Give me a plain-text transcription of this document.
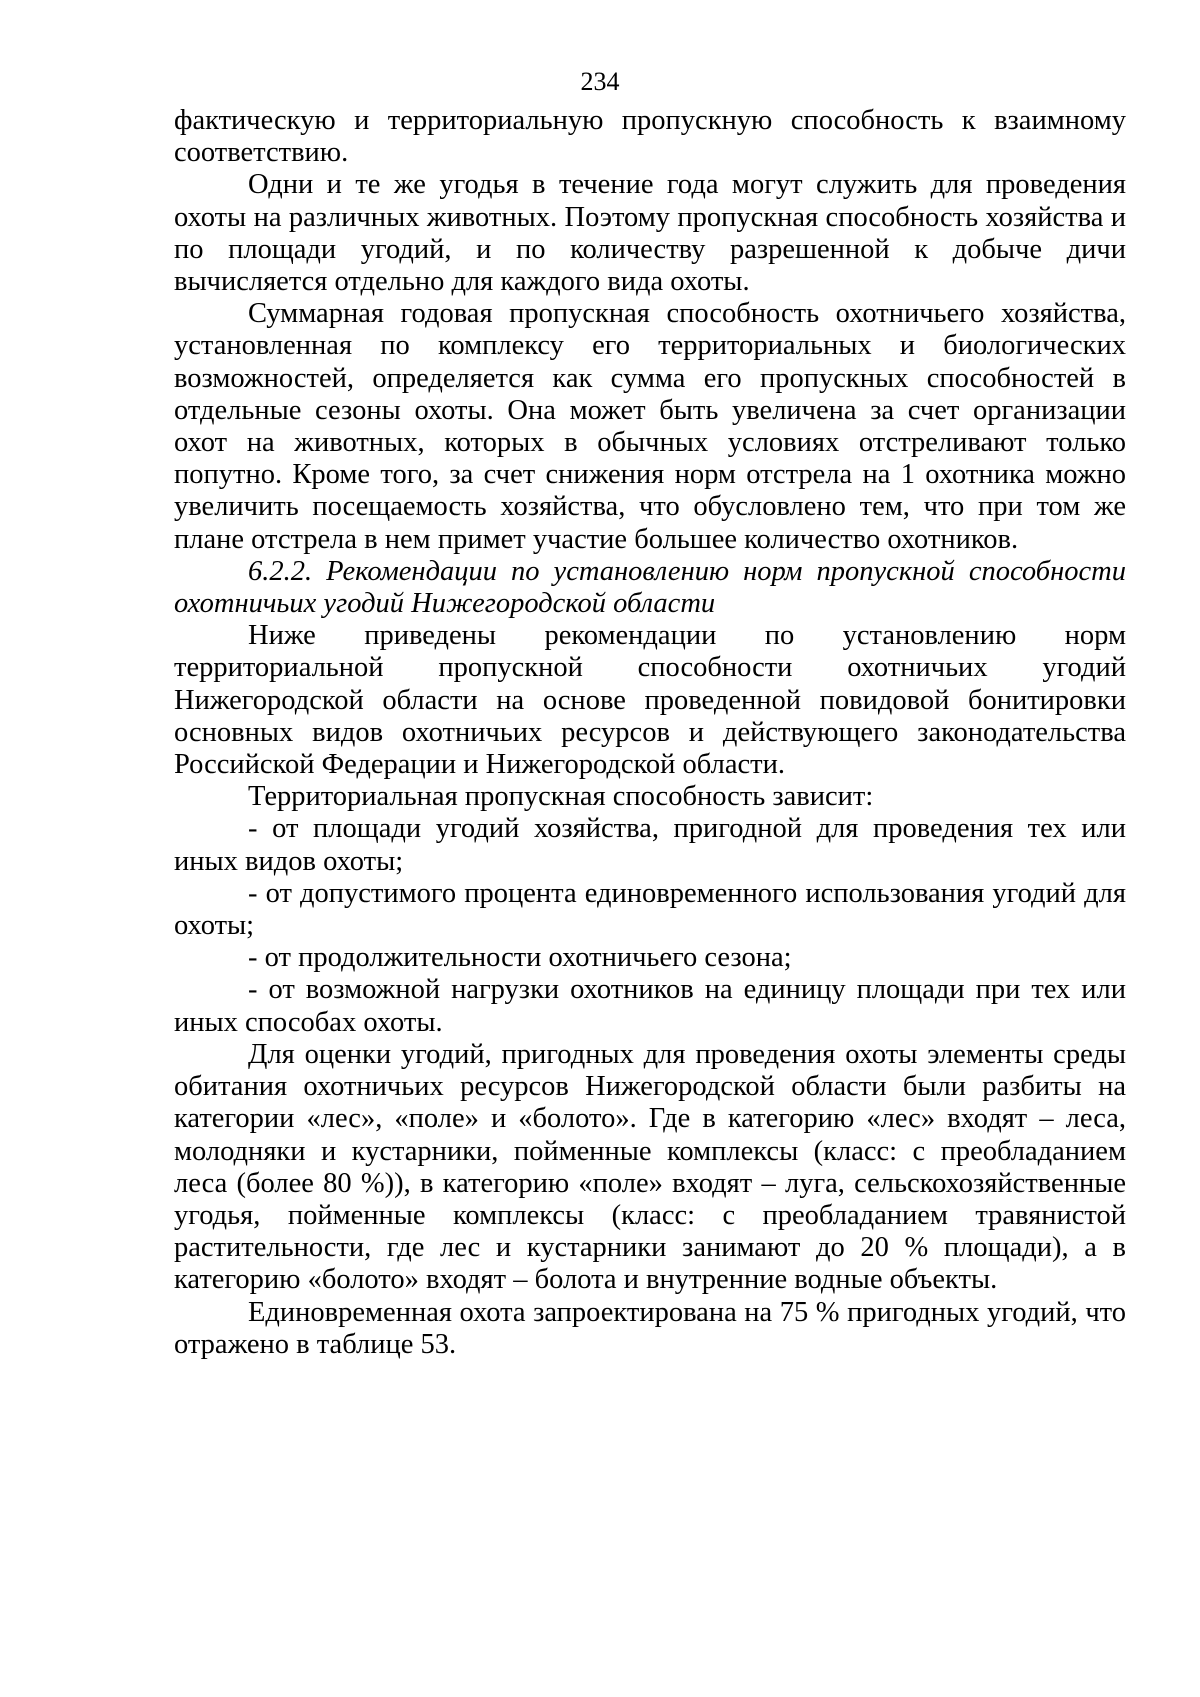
234

фактическую и территориальную пропускную способность к взаимному соответствию.

Одни и те же угодья в течение года могут служить для проведения охоты на различных животных. Поэтому пропускная способность хозяйства и по площади угодий, и по количеству разрешенной к добыче дичи вычисляется отдельно для каждого вида охоты.

Суммарная годовая пропускная способность охотничьего хозяйства, установленная по комплексу его территориальных и биологических возможностей, определяется как сумма его пропускных способностей в отдельные сезоны охоты. Она может быть увеличена за счет организации охот на животных, которых в обычных условиях отстреливают только попутно. Кроме того, за счет снижения норм отстрела на 1 охотника можно увеличить посещаемость хозяйства, что обусловлено тем, что при том же плане отстрела в нем примет участие большее количество охотников.

6.2.2. Рекомендации по установлению норм пропускной способности охотничьих угодий Нижегородской области

Ниже приведены рекомендации по установлению норм территориальной пропускной способности охотничьих угодий Нижегородской области на основе проведенной повидовой бонитировки основных видов охотничьих ресурсов и действующего законодательства Российской Федерации и Нижегородской области.

Территориальная пропускная способность зависит:

- от площади угодий хозяйства, пригодной для проведения тех или иных видов охоты;

- от допустимого процента единовременного использования угодий для охоты;

- от продолжительности охотничьего сезона;

- от возможной нагрузки охотников на единицу площади при тех или иных способах охоты.

Для оценки угодий, пригодных для проведения охоты элементы среды обитания охотничьих ресурсов Нижегородской области были разбиты на категории «лес», «поле» и «болото». Где в категорию «лес» входят – леса, молодняки и кустарники, пойменные комплексы (класс: с преобладанием леса (более 80 %)), в категорию «поле» входят – луга, сельскохозяйственные угодья, пойменные комплексы (класс: с преобладанием травянистой растительности, где лес и кустарники занимают до 20 % площади), а в категорию «болото» входят – болота и внутренние водные объекты.

Единовременная охота запроектирована на 75 % пригодных угодий, что отражено в таблице 53.
